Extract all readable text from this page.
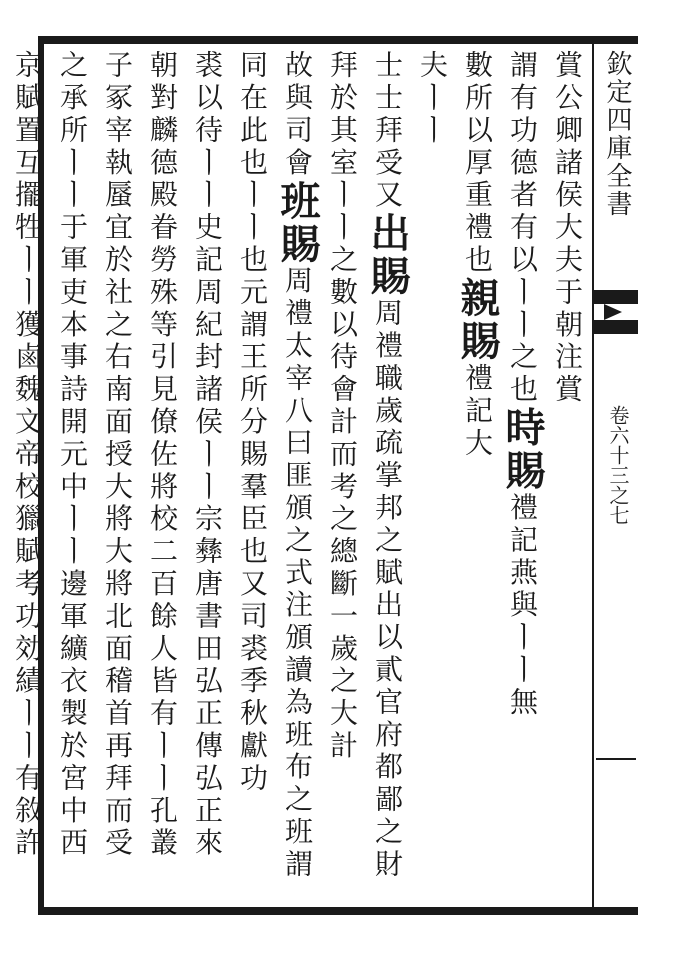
欽定四庫全書
卷六十三之七
賞公卿諸侯大夫于朝注賞
謂有功德者有以ㅣㅣ之也時賜禮記燕與ㅣㅣ無
數所以厚重禮也親賜禮記大
夫ㅣㅣ
士士拜受又出賜周禮職歲疏掌邦之賦出以貳官府都鄙之財
拜於其室ㅣㅣ之數以待會計而考之總斷一歲之大計
故與司會班賜周禮太宰八曰匪頒之式注頒讀為班布之班謂
同在此也ㅣㅣ也元謂王所分賜羣臣也又司裘季秋獻功
裘以待ㅣㅣ史記周紀封諸侯ㅣㅣ宗彝唐書田弘正傳弘正來
朝對麟德殿眷勞殊等引見僚佐將校二百餘人皆有ㅣㅣ孔叢
子冢宰執蜃宜於社之右南面授大將大將北面稽首再拜而受
之承所ㅣㅣ于軍吏本事詩開元中ㅣㅣ邊軍纊衣製於宮中西
京賦置互擺牲ㅣㅣ獲鹵魏文帝校獵賦考功効績ㅣㅣ有敘許
